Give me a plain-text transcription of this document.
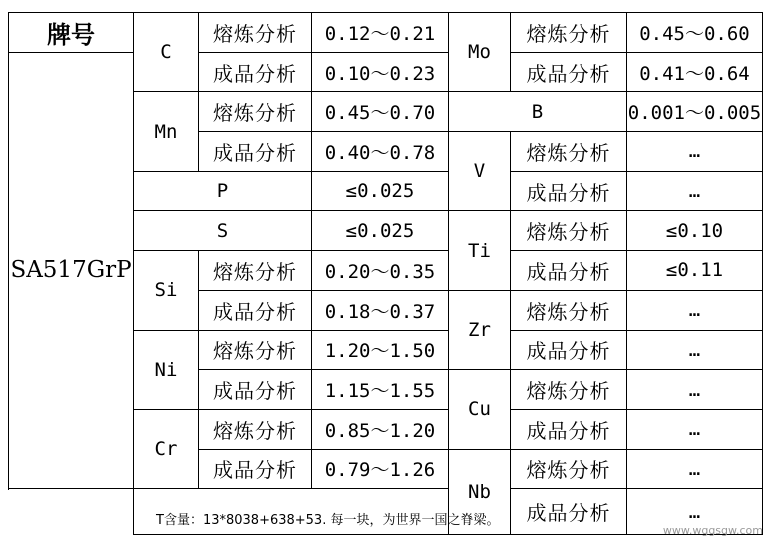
牌号	C	熔炼分析	0.12～0.21	Mo	熔炼分析	0.45～0.60
SA517GrP		成品分析	0.10～0.23		成品分析	0.41～0.64
	Mn	熔炼分析	0.45～0.70	B		0.001～0.005
		成品分析	0.40～0.78	V	熔炼分析	…
	P		≤0.025		成品分析	…
	S		≤0.025	Ti	熔炼分析	≤0.10
	Si	熔炼分析	0.20～0.35		成品分析	≤0.11
		成品分析	0.18～0.37	Zr	熔炼分析	…
	Ni	熔炼分析	1.20～1.50		成品分析	…
		成品分析	1.15～1.55	Cu	熔炼分析	…
	Cr	熔炼分析	0.85～1.20		成品分析	…
		成品分析	0.79～1.26	Nb	熔炼分析	…
	T含量：13*8038+638+53. 每一块，为世界一国之脊梁。				成品分析	…

www.wggsgw.com
